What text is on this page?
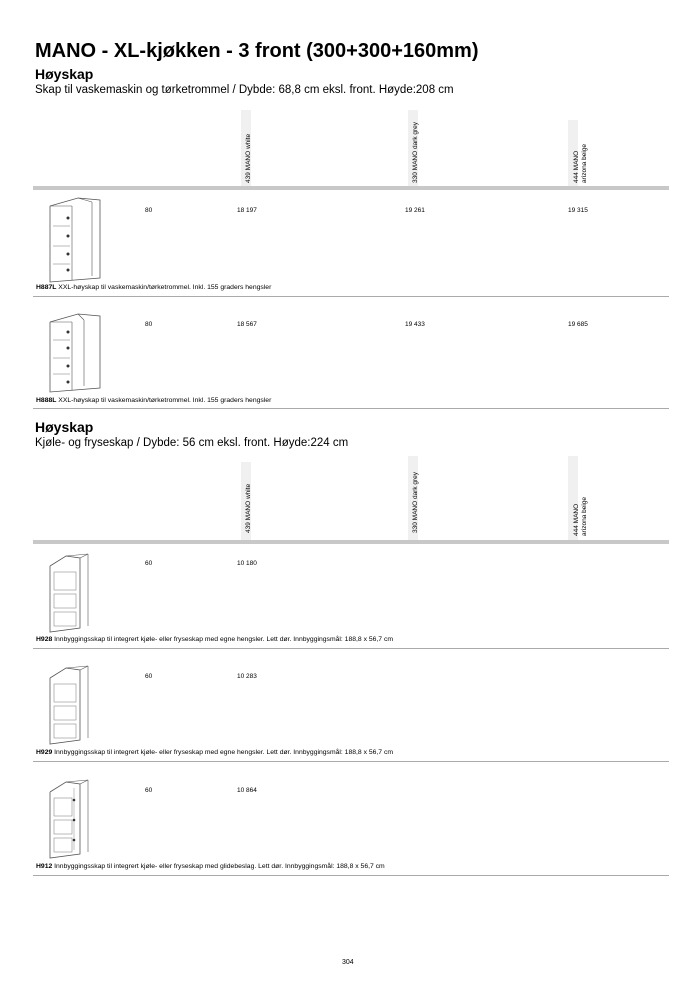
MANO - XL-kjøkken - 3 front (300+300+160mm)
Høyskap
Skap til vaskemaskin og tørketrommel / Dybde: 68,8 cm eksl. front. Høyde:208 cm
439 MANO white	330 MANO dark grey	444 MANO arizona beige
80	18 197	19 261	19 315
H887L XXL-høyskap til vaskemaskin/tørketrommel. Inkl. 155 graders hengsler
80	18 567	19 433	19 685
H888L XXL-høyskap til vaskemaskin/tørketrommel. Inkl. 155 graders hengsler
Høyskap
Kjøle- og fryseskap / Dybde: 56 cm eksl. front. Høyde:224 cm
439 MANO white	330 MANO dark grey	444 MANO arizona beige
60	10 180
H928 Innbyggingsskap til integrert kjøle- eller fryseskap med egne hengsler. Lett dør. Innbyggingsmål: 188,8 x 56,7 cm
60	10 283
H929 Innbyggingsskap til integrert kjøle- eller fryseskap med egne hengsler. Lett dør. Innbyggingsmål: 188,8 x 56,7 cm
60	10 864
H912 Innbyggingsskap til integrert kjøle- eller fryseskap med glidebeslag. Lett dør. Innbyggingsmål: 188,8 x 56,7 cm
304
